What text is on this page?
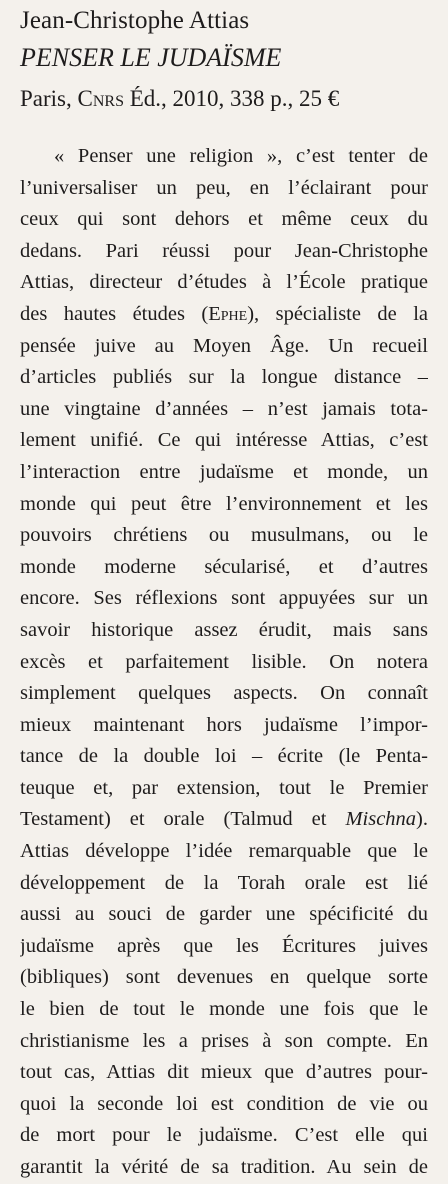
Jean-Christophe Attias
PENSER LE JUDAÏSME
Paris, Cnrs Éd., 2010, 338 p., 25 €
« Penser une religion », c’est tenter de
l’universaliser un peu, en l’éclairant pour
ceux qui sont dehors et même ceux du
dedans. Pari réussi pour Jean-Christophe
Attias, directeur d’études à l’École pratique
des hautes études (Ephe), spécialiste de la
pensée juive au Moyen Âge. Un recueil
d’articles publiés sur la longue distance –
une vingtaine d’années – n’est jamais tota-
lement unifié. Ce qui intéresse Attias, c’est
l’interaction entre judaïsme et monde, un
monde qui peut être l’environnement et les
pouvoirs chrétiens ou musulmans, ou le
monde moderne sécularisé, et d’autres
encore. Ses réflexions sont appuyées sur un
savoir historique assez érudit, mais sans
excès et parfaitement lisible. On notera
simplement quelques aspects. On connaît
mieux maintenant hors judaïsme l’impor-
tance de la double loi – écrite (le Penta-
teuque et, par extension, tout le Premier
Testament) et orale (Talmud et Mischna).
Attias développe l’idée remarquable que le
développement de la Torah orale est lié
aussi au souci de garder une spécificité du
judaïsme après que les Écritures juives
(bibliques) sont devenues en quelque sorte
le bien de tout le monde une fois que le
christianisme les a prises à son compte. En
tout cas, Attias dit mieux que d’autres pour-
quoi la seconde loi est condition de vie ou
de mort pour le judaïsme. C’est elle qui
garantit la vérité de sa tradition. Au sein de
